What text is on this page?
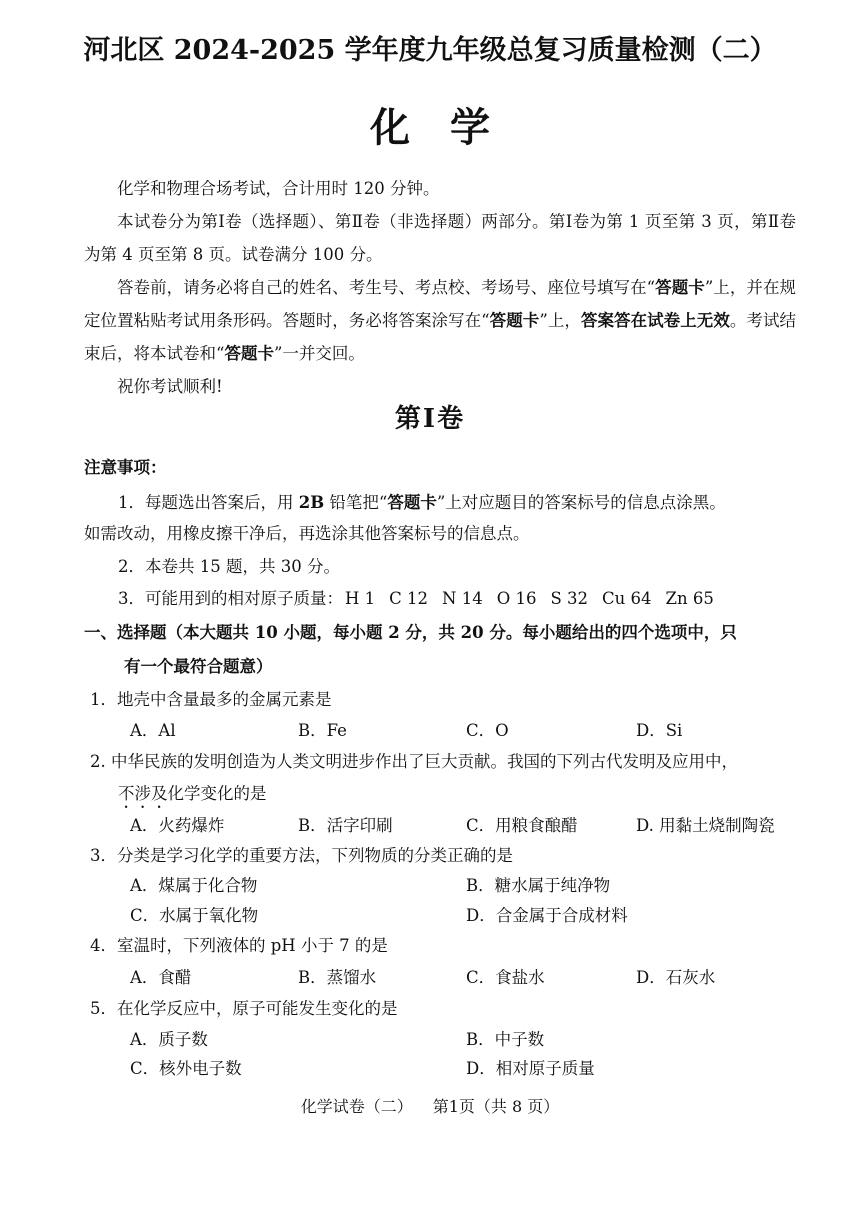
河北区 2024-2025 学年度九年级总复习质量检测（二）
化学
化学和物理合场考试，合计用时 120 分钟。
本试卷分为第Ⅰ卷（选择题）、第Ⅱ卷（非选择题）两部分。第Ⅰ卷为第 1 页至第 3 页，第Ⅱ卷为第 4 页至第 8 页。试卷满分 100 分。
答卷前，请务必将自己的姓名、考生号、考点校、考场号、座位号填写在“答题卡”上，并在规定位置粘贴考试用条形码。答题时，务必将答案涂写在“答题卡”上，答案答在试卷上无效。考试结束后，将本试卷和“答题卡”一并交回。
祝你考试顺利!
第Ⅰ卷
注意事项：
1．每题选出答案后，用 2B 铅笔把“答题卡”上对应题目的答案标号的信息点涂黑。
如需改动，用橡皮擦干净后，再选涂其他答案标号的信息点。
2．本卷共 15 题，共 30 分。
3．可能用到的相对原子质量： H 1 C 12 N 14 O 16 S 32 Cu 64 Zn 65
一、选择题（本大题共 10 小题，每小题 2 分，共 20 分。每小题给出的四个选项中，只
有一个最符合题意）
1．地壳中含量最多的金属元素是
A．Al	B．Fe	C．O	D．Si
2. 中华民族的发明创造为人类文明进步作出了巨大贡献。我国的下列古代发明及应用中，
不涉及化学变化的是
A．火药爆炸	B．活字印刷	C．用粮食酿醋	D. 用黏土烧制陶瓷
3．分类是学习化学的重要方法，下列物质的分类正确的是
A．煤属于化合物	B．糖水属于纯净物
C．水属于氧化物	D．合金属于合成材料
4．室温时，下列液体的 pH 小于 7 的是
A．食醋	B．蒸馏水	C．食盐水	D．石灰水
5．在化学反应中，原子可能发生变化的是
A．质子数	B．中子数
C．核外电子数	D．相对原子质量
化学试卷（二） 第1页（共 8 页）
